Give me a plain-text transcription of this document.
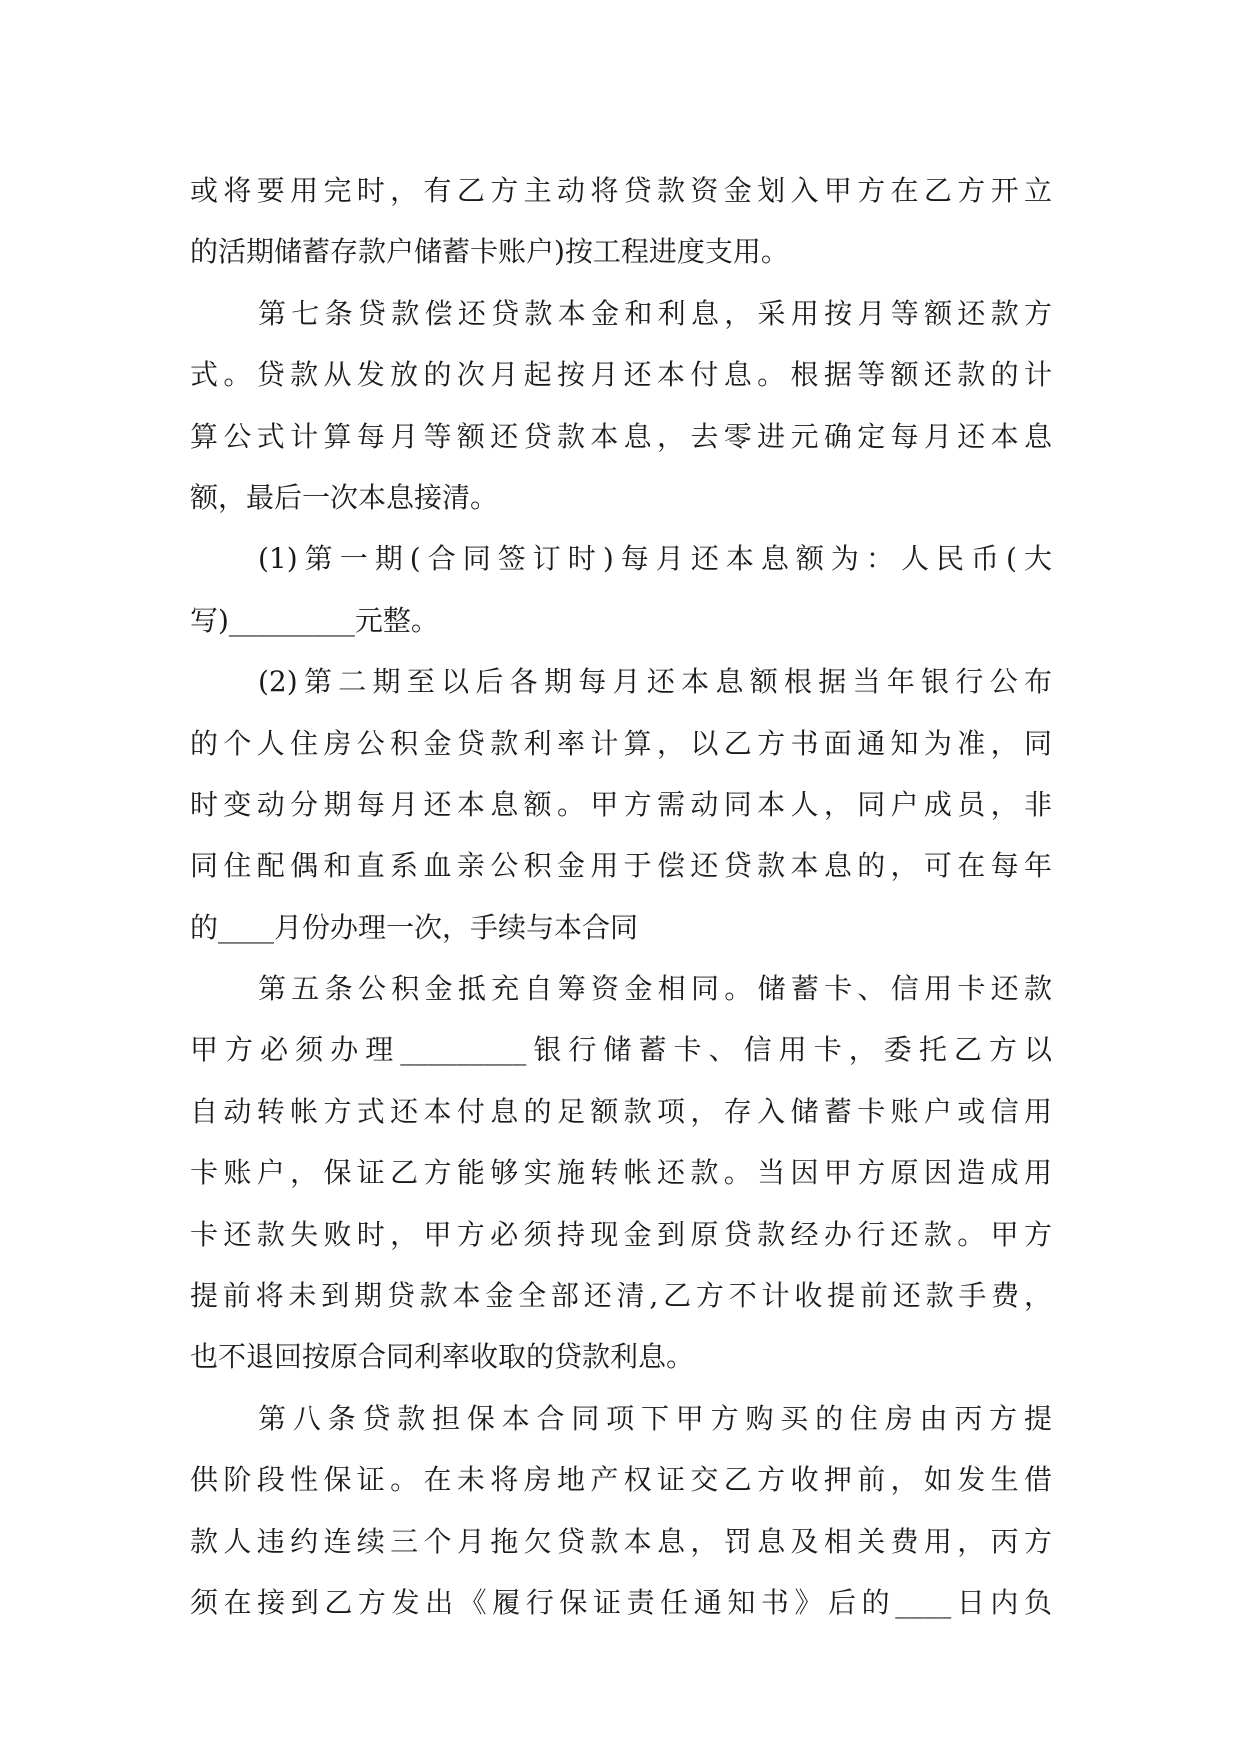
或将要用完时，有乙方主动将贷款资金划入甲方在乙方开立
的活期储蓄存款户储蓄卡账户)按工程进度支用。
第七条贷款偿还贷款本金和利息，采用按月等额还款方
式。贷款从发放的次月起按月还本付息。根据等额还款的计
算公式计算每月等额还贷款本息，去零进元确定每月还本息
额，最后一次本息接清。
(1)第一期(合同签订时)每月还本息额为：人民币(大
写)_________元整。
(2)第二期至以后各期每月还本息额根据当年银行公布
的个人住房公积金贷款利率计算，以乙方书面通知为准，同
时变动分期每月还本息额。甲方需动同本人，同户成员，非
同住配偶和直系血亲公积金用于偿还贷款本息的，可在每年
的____月份办理一次，手续与本合同
第五条公积金抵充自筹资金相同。储蓄卡、信用卡还款
甲方必须办理_________银行储蓄卡、信用卡，委托乙方以
自动转帐方式还本付息的足额款项，存入储蓄卡账户或信用
卡账户，保证乙方能够实施转帐还款。当因甲方原因造成用
卡还款失败时，甲方必须持现金到原贷款经办行还款。甲方
提前将未到期贷款本金全部还清,乙方不计收提前还款手费，
也不退回按原合同利率收取的贷款利息。
第八条贷款担保本合同项下甲方购买的住房由丙方提
供阶段性保证。在未将房地产权证交乙方收押前，如发生借
款人违约连续三个月拖欠贷款本息，罚息及相关费用，丙方
须在接到乙方发出《履行保证责任通知书》后的____日内负
